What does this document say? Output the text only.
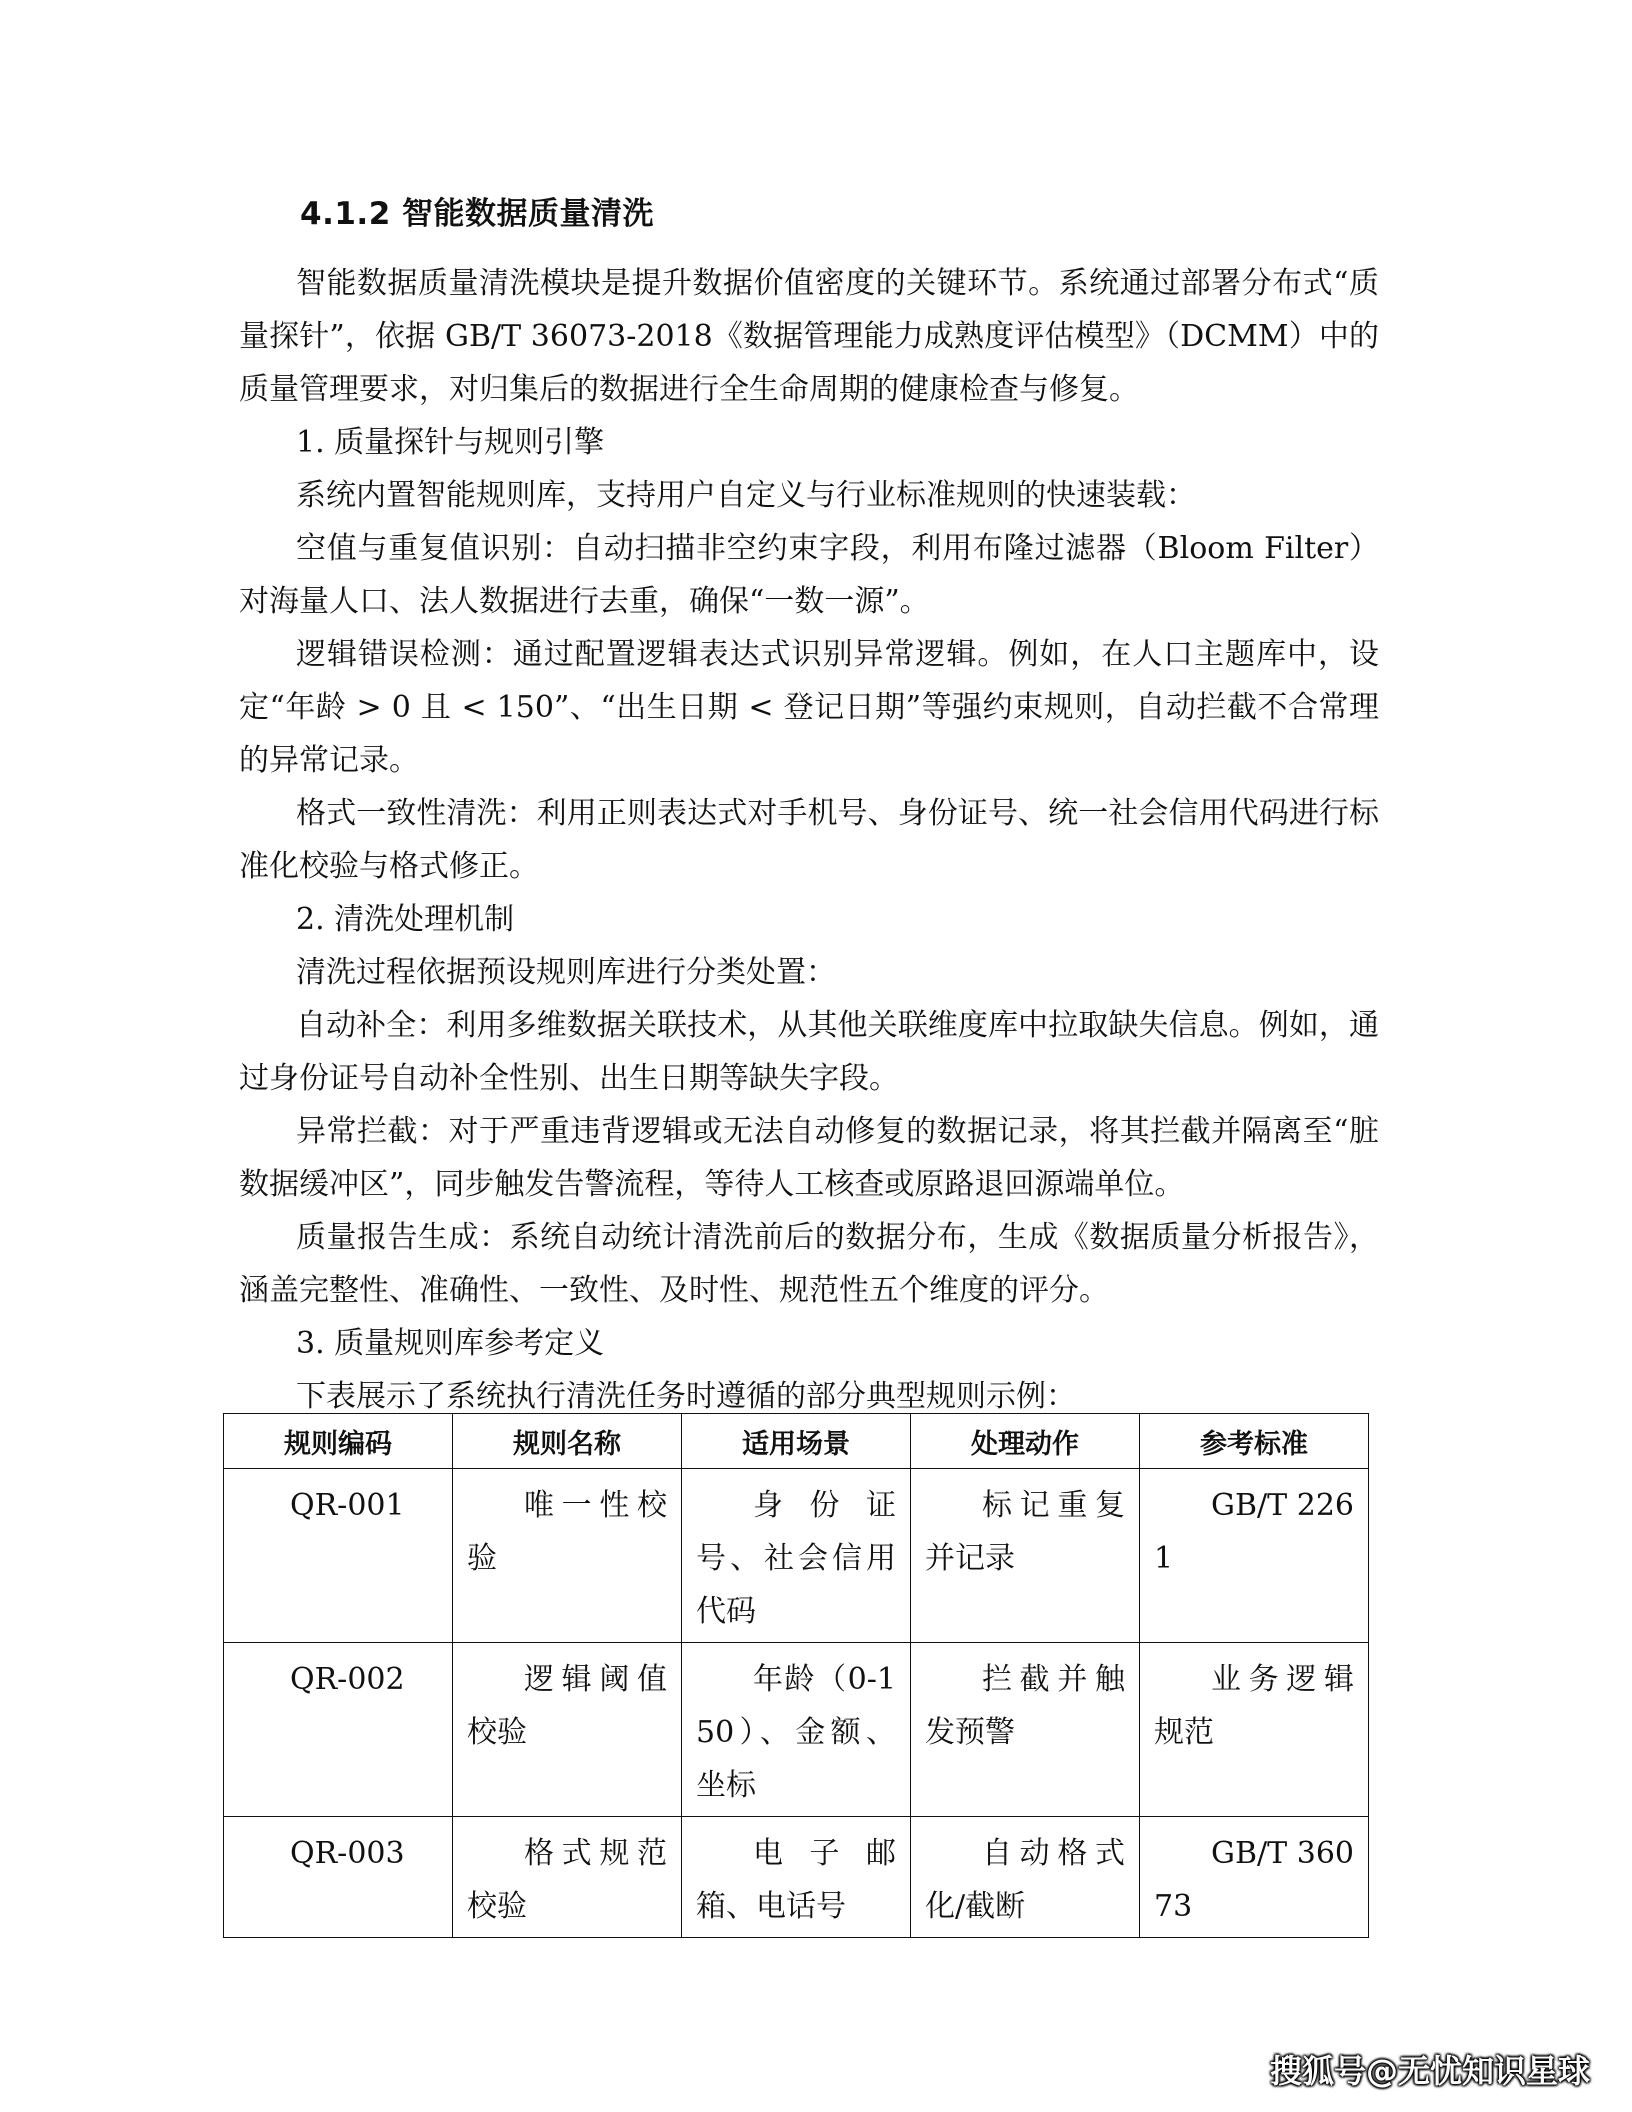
4.1.2 智能数据质量清洗

智能数据质量清洗模块是提升数据价值密度的关键环节。系统通过部署分布式“质量探针”，依据 GB/T 36073-2018《数据管理能力成熟度评估模型》（DCMM）中的质量管理要求，对归集后的数据进行全生命周期的健康检查与修复。

1. 质量探针与规则引擎

系统内置智能规则库，支持用户自定义与行业标准规则的快速装载：

空值与重复值识别：自动扫描非空约束字段，利用布隆过滤器（Bloom Filter）对海量人口、法人数据进行去重，确保“一数一源”。

逻辑错误检测：通过配置逻辑表达式识别异常逻辑。例如，在人口主题库中，设定“年龄 > 0 且 < 150”、“出生日期 < 登记日期”等强约束规则，自动拦截不合常理的异常记录。

格式一致性清洗：利用正则表达式对手机号、身份证号、统一社会信用代码进行标准化校验与格式修正。

2. 清洗处理机制

清洗过程依据预设规则库进行分类处置：

自动补全：利用多维数据关联技术，从其他关联维度库中拉取缺失信息。例如，通过身份证号自动补全性别、出生日期等缺失字段。

异常拦截：对于严重违背逻辑或无法自动修复的数据记录，将其拦截并隔离至“脏数据缓冲区”，同步触发告警流程，等待人工核查或原路退回源端单位。

质量报告生成：系统自动统计清洗前后的数据分布，生成《数据质量分析报告》，涵盖完整性、准确性、一致性、及时性、规范性五个维度的评分。

3. 质量规则库参考定义

下表展示了系统执行清洗任务时遵循的部分典型规则示例：

规则编码	规则名称	适用场景	处理动作	参考标准
QR-001	唯一性校验	身份证号、社会信用代码	标记重复并记录	GB/T 2261
QR-002	逻辑阈值校验	年龄（0-150）、金额、坐标	拦截并触发预警	业务逻辑规范
QR-003	格式规范校验	电子邮箱、电话号	自动格式化/截断	GB/T 36073
搜狐号@无忧知识星球
